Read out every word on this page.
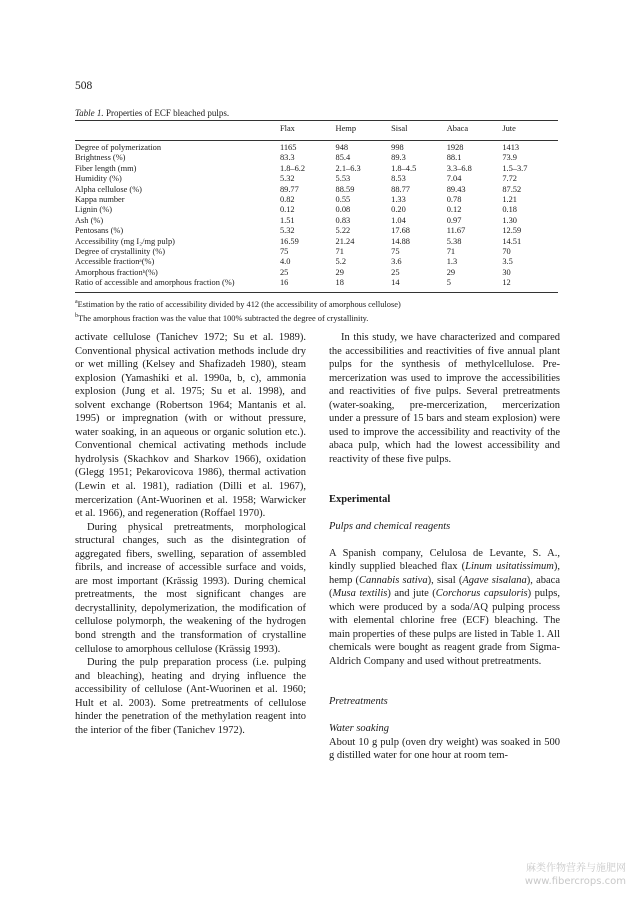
508
Table 1. Properties of ECF bleached pulps.
	Flax	Hemp	Sisal	Abaca	Jute
Degree of polymerization	1165	948	998	1928	1413
Brightness (%)	83.3	85.4	89.3	88.1	73.9
Fiber length (mm)	1.8–6.2	2.1–6.3	1.8–4.5	3.3–6.8	1.5–3.7
Humidity (%)	5.32	5.53	8.53	7.04	7.72
Alpha cellulose (%)	89.77	88.59	88.77	89.43	87.52
Kappa number	0.82	0.55	1.33	0.78	1.21
Lignin (%)	0.12	0.08	0.20	0.12	0.18
Ash (%)	1.51	0.83	1.04	0.97	1.30
Pentosans (%)	5.32	5.22	17.68	11.67	12.59
Accessibility (mg I₂/mg pulp)	16.59	21.24	14.88	5.38	14.51
Degree of crystallinity (%)	75	71	75	71	70
Accessible fractionᵃ(%)	4.0	5.2	3.6	1.3	3.5
Amorphous fractionᵇ(%)	25	29	25	29	30
Ratio of accessible and amorphous fraction (%)	16	18	14	5	12
$^a$Estimation by the ratio of accessibility divided by 412 (the accessibility of amorphous cellulose)
$^b$The amorphous fraction was the value that 100% subtracted the degree of crystallinity.

activate cellulose (Tanichev 1972; Su et al. 1989). Conventional physical activation methods include dry or wet milling (Kelsey and Shafizadeh 1980), steam explosion (Yamashiki et al. 1990a, b, c), ammonia explosion (Jung et al. 1975; Su et al. 1998), and solvent exchange (Robertson 1964; Mantanis et al. 1995) or impregnation (with or without pressure, water soaking, in an aqueous or organic solution etc.). Conventional chemical activating methods include hydrolysis (Skachkov and Sharkov 1966), oxidation (Glegg 1951; Pekarovicova 1986), thermal activation (Lewin et al. 1981), radiation (Dilli et al. 1967), mercerization (Ant-Wuorinen et al. 1958; Warwicker et al. 1966), and regeneration (Roffael 1970).

During physical pretreatments, morphological structural changes, such as the disintegration of aggregated fibers, swelling, separation of assembled fibrils, and increase of accessible surface and voids, are most important (Krässig 1993). During chemical pretreatments, the most significant changes are decrystallinity, depolymerization, the modification of cellulose polymorph, the weakening of the hydrogen bond strength and the transformation of crystalline cellulose to amorphous cellulose (Krässig 1993).

During the pulp preparation process (i.e. pulping and bleaching), heating and drying influence the accessibility of cellulose (Ant-Wuorinen et al. 1960; Hult et al. 2003). Some pretreatments of cellulose hinder the penetration of the methylation reagent into the interior of the fiber (Tanichev 1972).

In this study, we have characterized and compared the accessibilities and reactivities of five annual plant pulps for the synthesis of methylcellulose. Pre-mercerization was used to improve the accessibilities and reactivities of five pulps. Several pretreatments (water-soaking, pre-mercerization, mercerization under a pressure of 15 bars and steam explosion) were used to improve the accessibility and reactivity of the abaca pulp, which had the lowest accessibility and reactivity of these five pulps.

Experimental

Pulps and chemical reagents

A Spanish company, Celulosa de Levante, S. A., kindly supplied bleached flax (Linum usitatissimum), hemp (Cannabis sativa), sisal (Agave sisalana), abaca (Musa textilis) and jute (Corchorus capsuloris) pulps, which were produced by a soda/AQ pulping process with elemental chlorine free (ECF) bleaching. The main properties of these pulps are listed in Table 1. All chemicals were bought as reagent grade from Sigma-Aldrich Company and used without pretreatments.

Pretreatments

Water soaking

About 10 g pulp (oven dry weight) was soaked in 500 g distilled water for one hour at room tem-

麻类作物营养与施肥网
www.fibercrops.com
